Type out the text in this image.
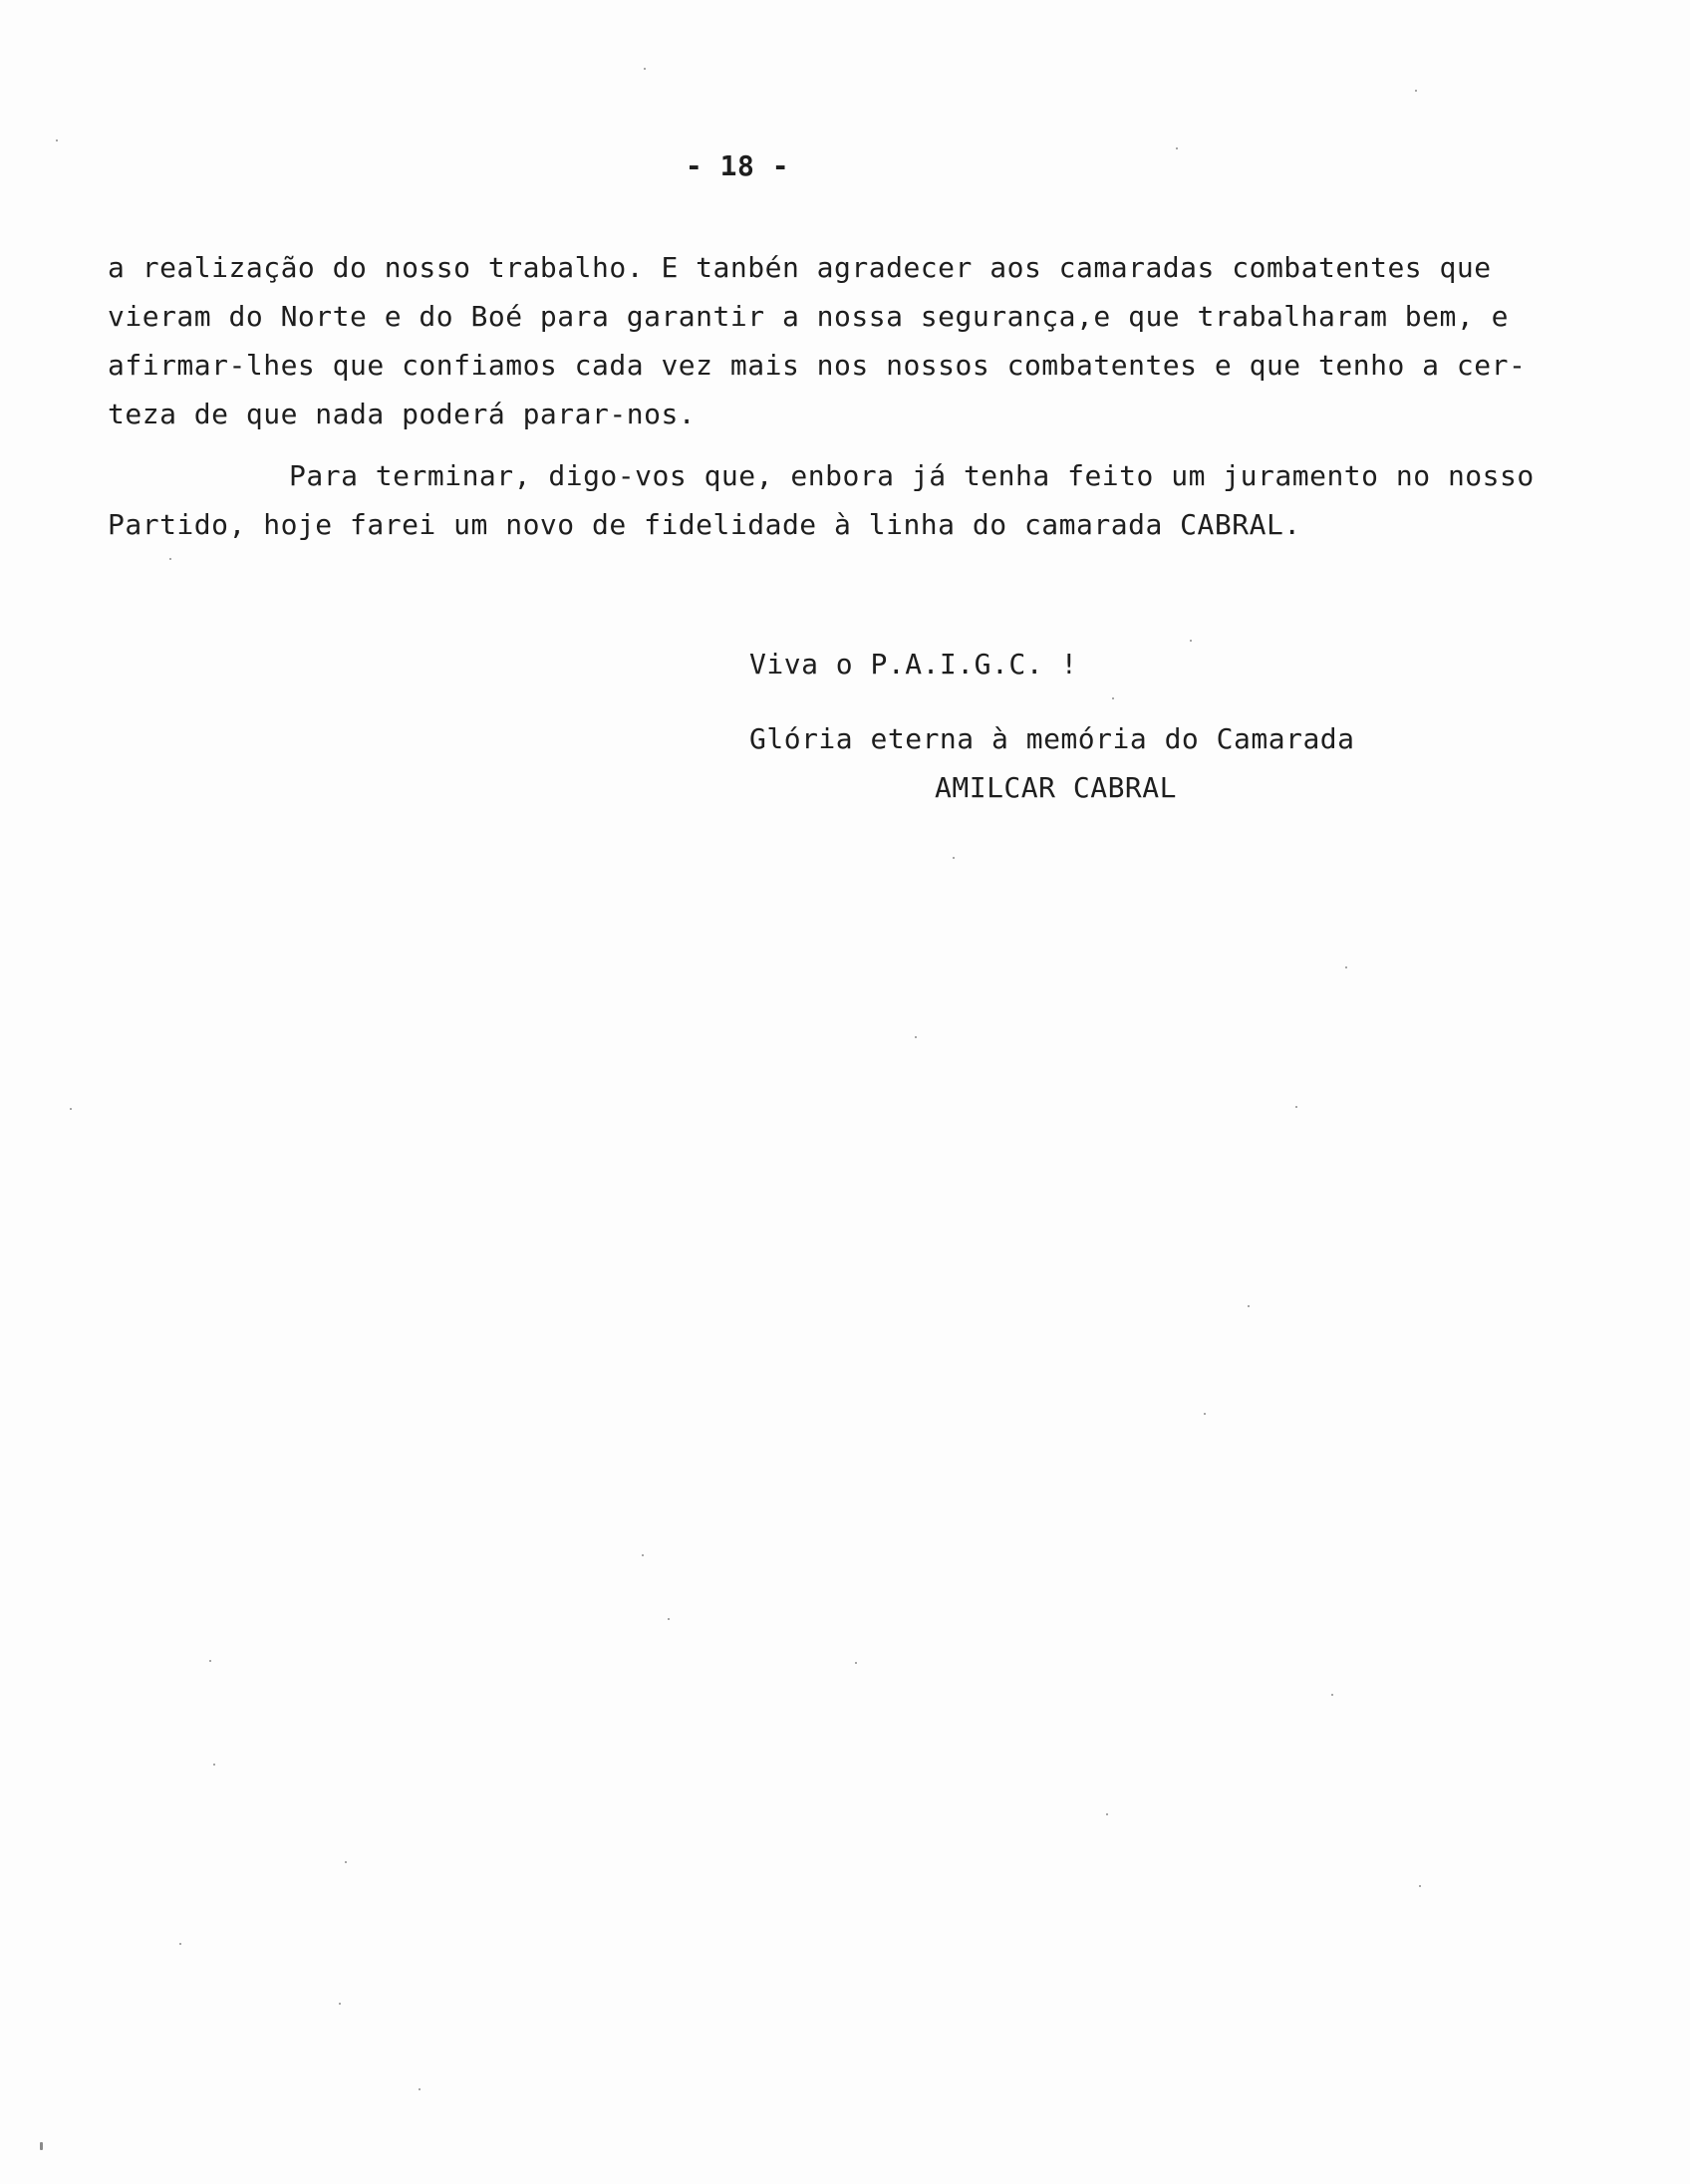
- 18 -
a realização do nosso trabalho. E tanbén agradecer aos camaradas combatentes que
vieram do Norte e do Boé para garantir a nossa segurança,e que trabalharam bem, e
afirmar-lhes que confiamos cada vez mais nos nossos combatentes e que tenho a cer-
teza de que nada poderá parar-nos.
Para terminar, digo-vos que, enbora já tenha feito um juramento no nosso
Partido, hoje farei um novo de fidelidade à linha do camarada CABRAL.
Viva o P.A.I.G.C. !
Glória eterna à memória do Camarada
AMILCAR CABRAL
